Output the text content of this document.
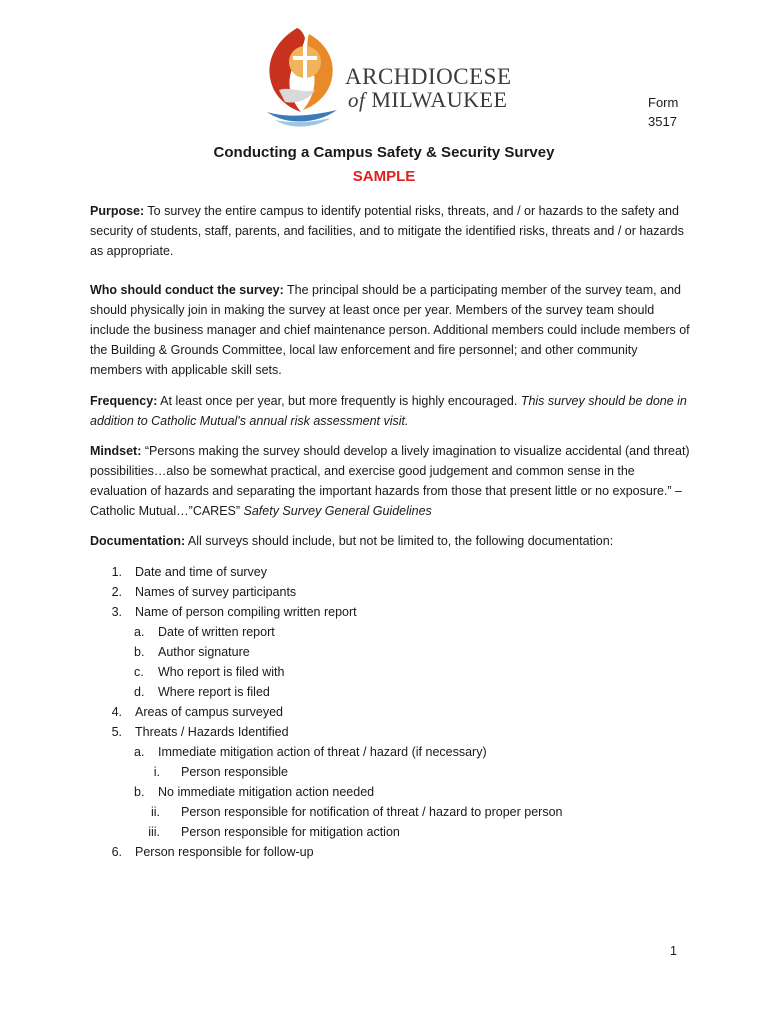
ARCHDIOCESE
of MILWAUKEE	Form
3517
Conducting a Campus Safety & Security Survey
SAMPLE
Purpose: To survey the entire campus to identify potential risks, threats, and / or hazards to the safety and security of students, staff, parents, and facilities, and to mitigate the identified risks, threats and / or hazards as appropriate.
Who should conduct the survey: The principal should be a participating member of the survey team, and should physically join in making the survey at least once per year. Members of the survey team should include the business manager and chief maintenance person. Additional members could include members of the Building & Grounds Committee, local law enforcement and fire personnel; and other community members with applicable skill sets.
Frequency: At least once per year, but more frequently is highly encouraged. This survey should be done in addition to Catholic Mutual's annual risk assessment visit.
Mindset: “Persons making the survey should develop a lively imagination to visualize accidental (and threat) possibilities…also be somewhat practical, and exercise good judgement and common sense in the evaluation of hazards and separating the important hazards from those that present little or no exposure.” – Catholic Mutual…”CARES” Safety Survey General Guidelines
Documentation: All surveys should include, but not be limited to, the following documentation:
1. Date and time of survey
2. Names of survey participants
3. Name of person compiling written report
a.	Date of written report
b.	Author signature
c.	Who report is filed with
d.	Where report is filed
4. Areas of campus surveyed
5. Threats / Hazards Identified
a.	Immediate mitigation action of threat / hazard (if necessary)
i. Person responsible
b.	No immediate mitigation action needed
ii. Person responsible for notification of threat / hazard to proper person
iii. Person responsible for mitigation action
6. Person responsible for follow-up
1
